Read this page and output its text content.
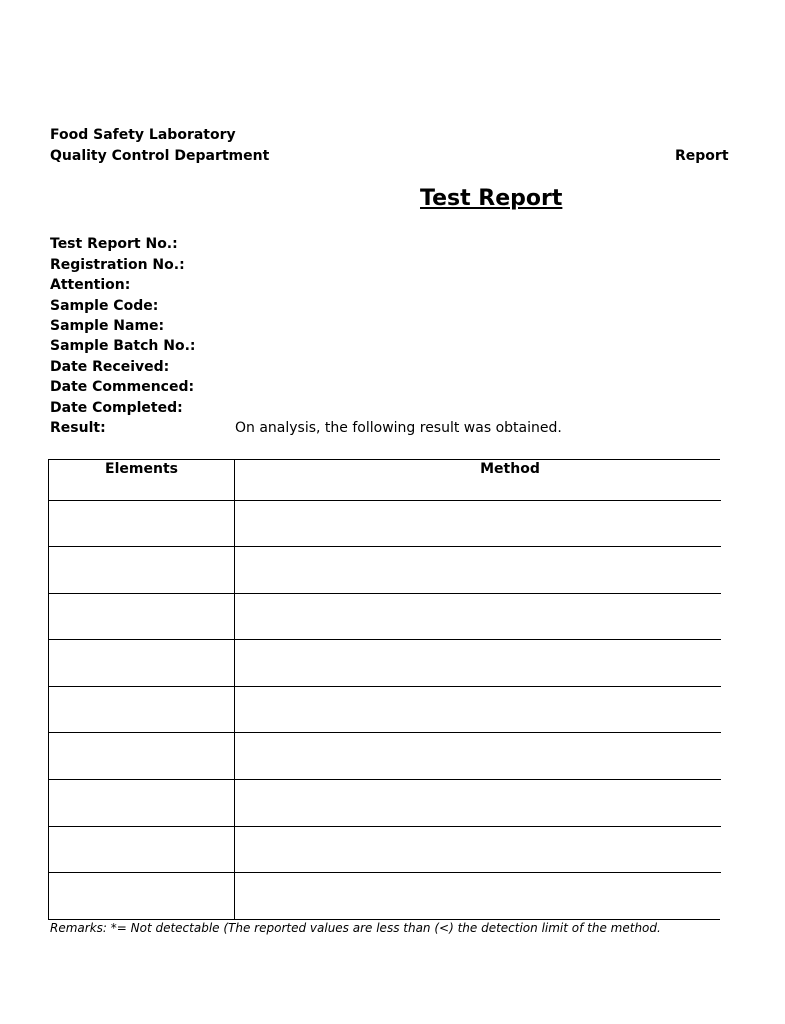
Food Safety Laboratory
Quality Control Department	Report
Test Report
Test Report No.:
Registration No.:
Attention:
Sample Code:
Sample Name:
Sample Batch No.:
Date Received:
Date Commenced:
Date Completed:
Result:	On analysis, the following result was obtained.
Elements	Method
Remarks: *= Not detectable (The reported values are less than (<) the detection limit of the method.
